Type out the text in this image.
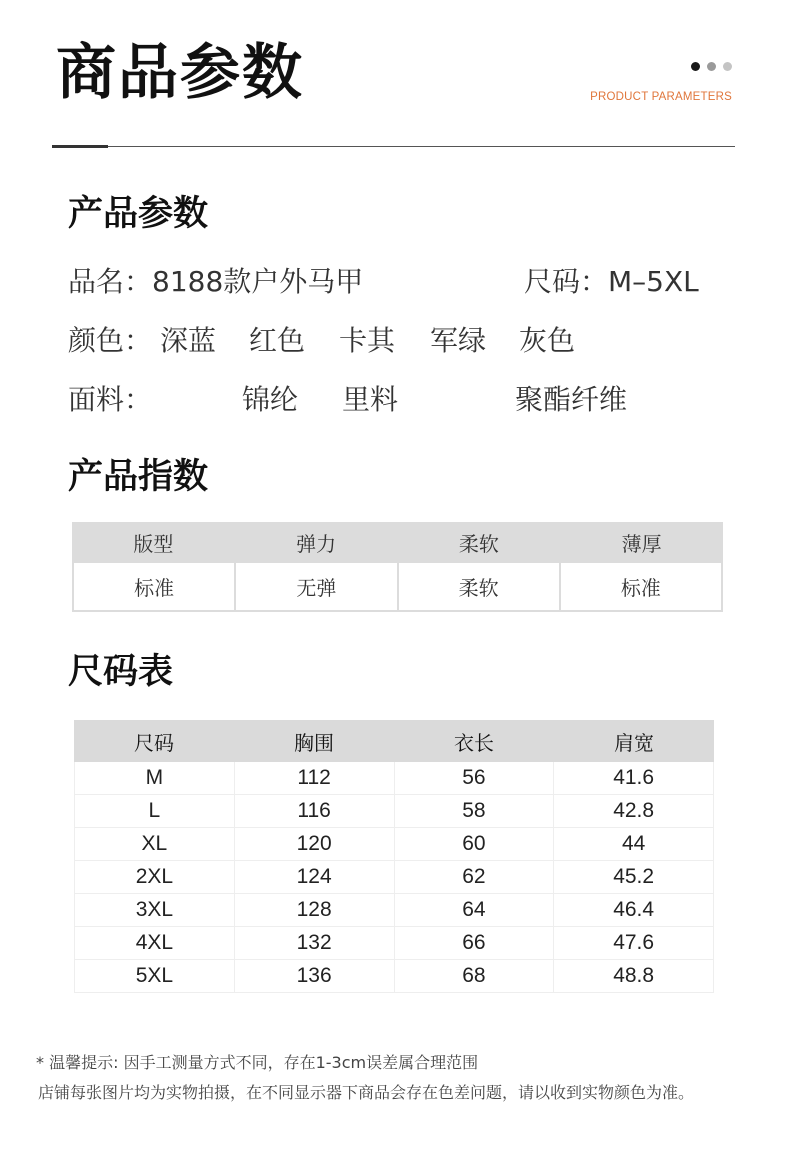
商品参数	PRODUCT PARAMETERS
产品参数
品名：8188款户外马甲	尺码：M–5XL
颜色： 深蓝 红色 卡其 军绿 灰色
面料：	锦纶 里料	聚酯纤维
产品指数
版型	弹力	柔软	薄厚
标准	无弹	柔软	标准
尺码表
尺码	胸围	衣长	肩宽
M	112	56	41.6
L	116	58	42.8
XL	120	60	44
2XL	124	62	45.2
3XL	128	64	46.4
4XL	132	66	47.6
5XL	136	68	48.8
* 温馨提示: 因手工测量方式不同，存在1-3cm误差属合理范围
店铺每张图片均为实物拍摄，在不同显示器下商品会存在色差问题，请以收到实物颜色为准。
